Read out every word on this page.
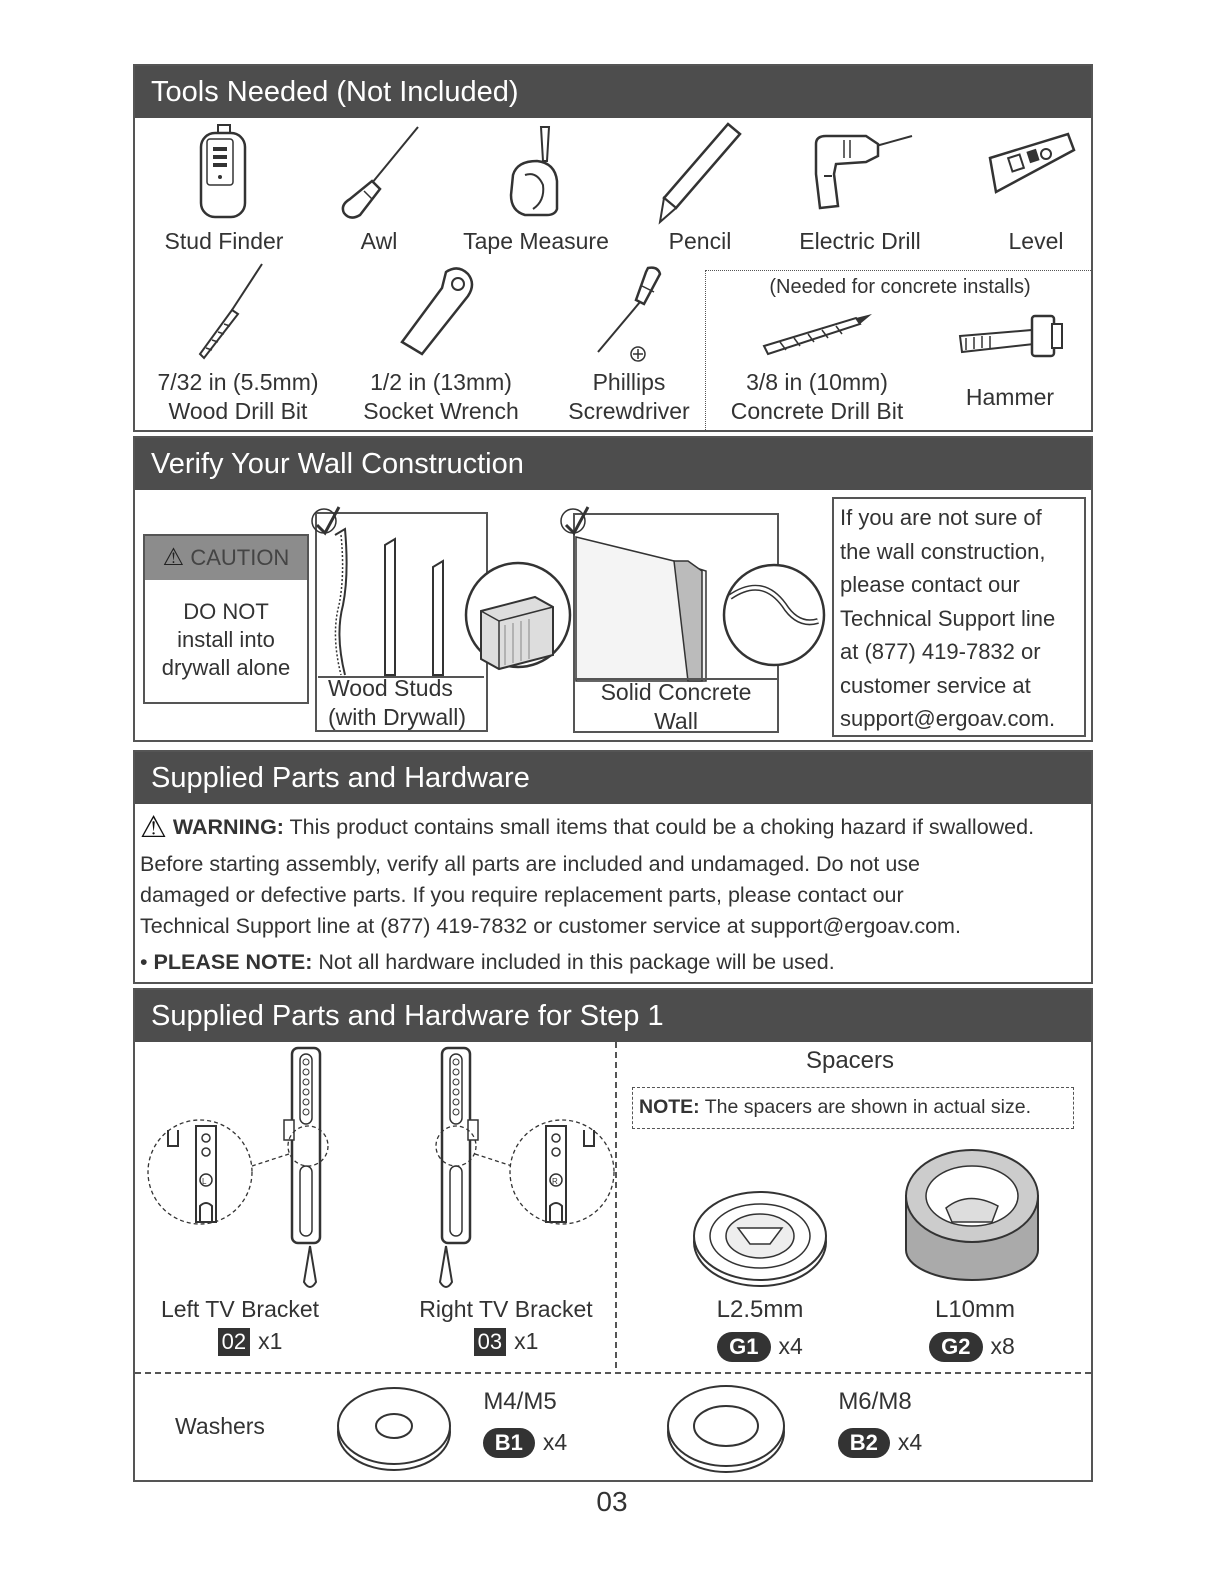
Tools Needed (Not Included)
Stud Finder	Awl	Tape Measure	Pencil	Electric Drill	Level
7/32 in (5.5mm)
Wood Drill Bit
1/2 in (13mm)
Socket Wrench
Phillips
Screwdriver
(Needed for concrete installs)
3/8 in (10mm)
Concrete Drill Bit
Hammer
Verify Your Wall Construction
⚠ CAUTION
DO NOT
install into
drywall alone
Wood Studs
(with Drywall)
Solid Concrete
Wall
If you are not sure of
the wall construction,
please contact our
Technical Support line
at (877) 419-7832 or
customer service at
support@ergoav.com.
Supplied Parts and Hardware
⚠ WARNING: This product contains small items that could be a choking hazard if swallowed.
Before starting assembly, verify all parts are included and undamaged. Do not use
damaged or defective parts. If you require replacement parts, please contact our
Technical Support line at (877) 419-7832 or customer service at support@ergoav.com.
• PLEASE NOTE: Not all hardware included in this package will be used.
Supplied Parts and Hardware for Step 1
L
Left TV Bracket
02 x1
R
Right TV Bracket
03 x1
Spacers
NOTE: The spacers are shown in actual size.
L2.5mm
G1 x4
L10mm
G2 x8
Washers
M4/M5
B1 x4
M6/M8
B2 x4
03
